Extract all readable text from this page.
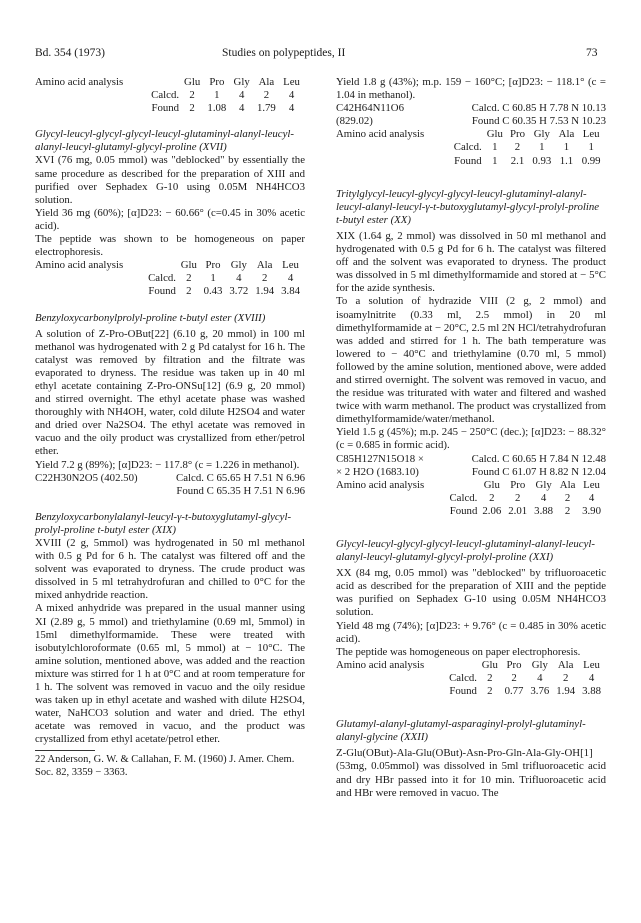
Bd. 354 (1973)	Studies on polypeptides, II	73
Amino acid analysis		Glu	Pro	Gly	Ala	Leu
	Calcd.	2	1	4	2	4
	Found	2	1.08	4	1.79	4

Glycyl-leucyl-glycyl-glycyl-leucyl-glutaminyl-alanyl-leucyl-alanyl-leucyl-glutamyl-glycyl-proline (XVII)

XVI (76 mg, 0.05 mmol) was "deblocked" by essentially the same procedure as described for the preparation of XIII and purified over Sephadex G-10 using 0.05M NH4HCO3 solution.

Yield 36 mg (60%); [α]D23: − 60.66° (c=0.45 in 30% acetic acid).

The peptide was shown to be homogeneous on paper electrophoresis.

Amino acid analysis		Glu	Pro	Gly	Ala	Leu
	Calcd.	2	1	4	2	4
	Found	2	0.43	3.72	1.94	3.84

Benzyloxycarbonylprolyl-proline t-butyl ester (XVIII)

A solution of Z-Pro-OBut[22] (6.10 g, 20 mmol) in 100 ml methanol was hydrogenated with 2 g Pd catalyst for 16 h. The catalyst was removed by filtration and the filtrate was evaporated to dryness. The residue was taken up in 40 ml ethyl acetate containing Z-Pro-ONSu[12] (6.9 g, 20 mmol) and stirred overnight. The ethyl acetate phase was washed thoroughly with NH4OH, water, cold dilute H2SO4 and water and dried over Na2SO4. The ethyl acetate was removed in vacuo and the oily product was crystallized from ether/petrol ether.

Yield 7.2 g (89%); [α]D23: − 117.8° (c = 1.226 in methanol).

C22H30N2O5 (402.50)	Calcd. C 65.65 H 7.51 N 6.96
	Found C 65.35 H 7.51 N 6.96

Benzyloxycarbonylalanyl-leucyl-γ-t-butoxyglutamyl-glycyl-prolyl-proline t-butyl ester (XIX)

XVIII (2 g, 5mmol) was hydrogenated in 50 ml methanol with 0.5 g Pd for 6 h. The catalyst was filtered off and the solvent was evaporated to dryness. The crude product was dissolved in 5 ml tetrahydrofuran and chilled to 0°C for the mixed anhydride reaction.

A mixed anhydride was prepared in the usual manner using XI (2.89 g, 5 mmol) and triethylamine (0.69 ml, 5mmol) in 15ml dimethylformamide. These were treated with isobutylchloroformate (0.65 ml, 5 mmol) at − 10°C. The amine solution, mentioned above, was added and the reaction mixture was stirred for 1 h at 0°C and at room temperature for 1 h. The solvent was removed in vacuo and the oily residue was taken up in ethyl acetate and washed with dilute H2SO4, water, NaHCO3 solution and water and dried. The ethyl acetate was removed in vacuo, and the product was crystallized from ethyl acetate/petrol ether.

22 Anderson, G. W. & Callahan, F. M. (1960) J. Amer. Chem. Soc. 82, 3359 − 3363.

Yield 1.8 g (43%); m.p. 159 − 160°C; [α]D23: − 118.1° (c = 1.04 in methanol).

C42H64N11O6	Calcd. C 60.85 H 7.78 N 10.13
(829.02)	Found C 60.35 H 7.53 N 10.23
Amino acid analysis		Glu	Pro	Gly	Ala	Leu
	Calcd.	1	2	1	1	1
	Found	1	2.1	0.93	1.1	0.99

Tritylglycyl-leucyl-glycyl-glycyl-leucyl-glutaminyl-alanyl-leucyl-alanyl-leucyl-γ-t-butoxyglutamyl-glycyl-prolyl-proline t-butyl ester (XX)

XIX (1.64 g, 2 mmol) was dissolved in 50 ml methanol and hydrogenated with 0.5 g Pd for 6 h. The catalyst was filtered off and the solvent was evaporated to dryness. The product was dissolved in 5 ml dimethylformamide and stored at − 5°C for the azide synthesis.

To a solution of hydrazide VIII (2 g, 2 mmol) and isoamylnitrite (0.33 ml, 2.5 mmol) in 20 ml dimethylformamide at − 20°C, 2.5 ml 2N HCl/tetrahydrofuran was added and stirred for 1 h. The bath temperature was lowered to − 40°C and triethylamine (0.70 ml, 5 mmol) followed by the amine solution, mentioned above, were added and stirred overnight. The solvent was removed in vacuo, and the residue was triturated with water and filtered and washed twice with warm methanol. The product was crystallized from dimethylformamide/water/methanol.

Yield 1.5 g (45%); m.p. 245 − 250°C (dec.); [α]D23: − 88.32° (c = 0.685 in formic acid).

C85H127N15O18 ×	Calcd. C 60.65 H 7.84 N 12.48
× 2 H2O (1683.10)	Found C 61.07 H 8.82 N 12.04
Amino acid analysis		Glu	Pro	Gly	Ala	Leu
	Calcd.	2	2	4	2	4
	Found	2.06	2.01	3.88	2	3.90

Glycyl-leucyl-glycyl-glycyl-leucyl-glutaminyl-alanyl-leucyl-alanyl-leucyl-glutamyl-glycyl-prolyl-proline (XXI)

XX (84 mg, 0.05 mmol) was "deblocked" by trifluoroacetic acid as described for the preparation of XIII and the peptide was purified on Sephadex G-10 using 0.05M NH4HCO3 solution.

Yield 48 mg (74%); [α]D23: + 9.76° (c = 0.485 in 30% acetic acid).

The peptide was homogeneous on paper electrophoresis.

Amino acid analysis		Glu	Pro	Gly	Ala	Leu
	Calcd.	2	2	4	2	4
	Found	2	0.77	3.76	1.94	3.88

Glutamyl-alanyl-glutamyl-asparaginyl-prolyl-glutaminyl-alanyl-glycine (XXII)

Z-Glu(OBut)-Ala-Glu(OBut)-Asn-Pro-Gln-Ala-Gly-OH[1] (53mg, 0.05mmol) was dissolved in 5ml trifluoroacetic acid and dry HBr passed into it for 10 min. Trifluoroacetic acid and HBr were removed in vacuo. The
